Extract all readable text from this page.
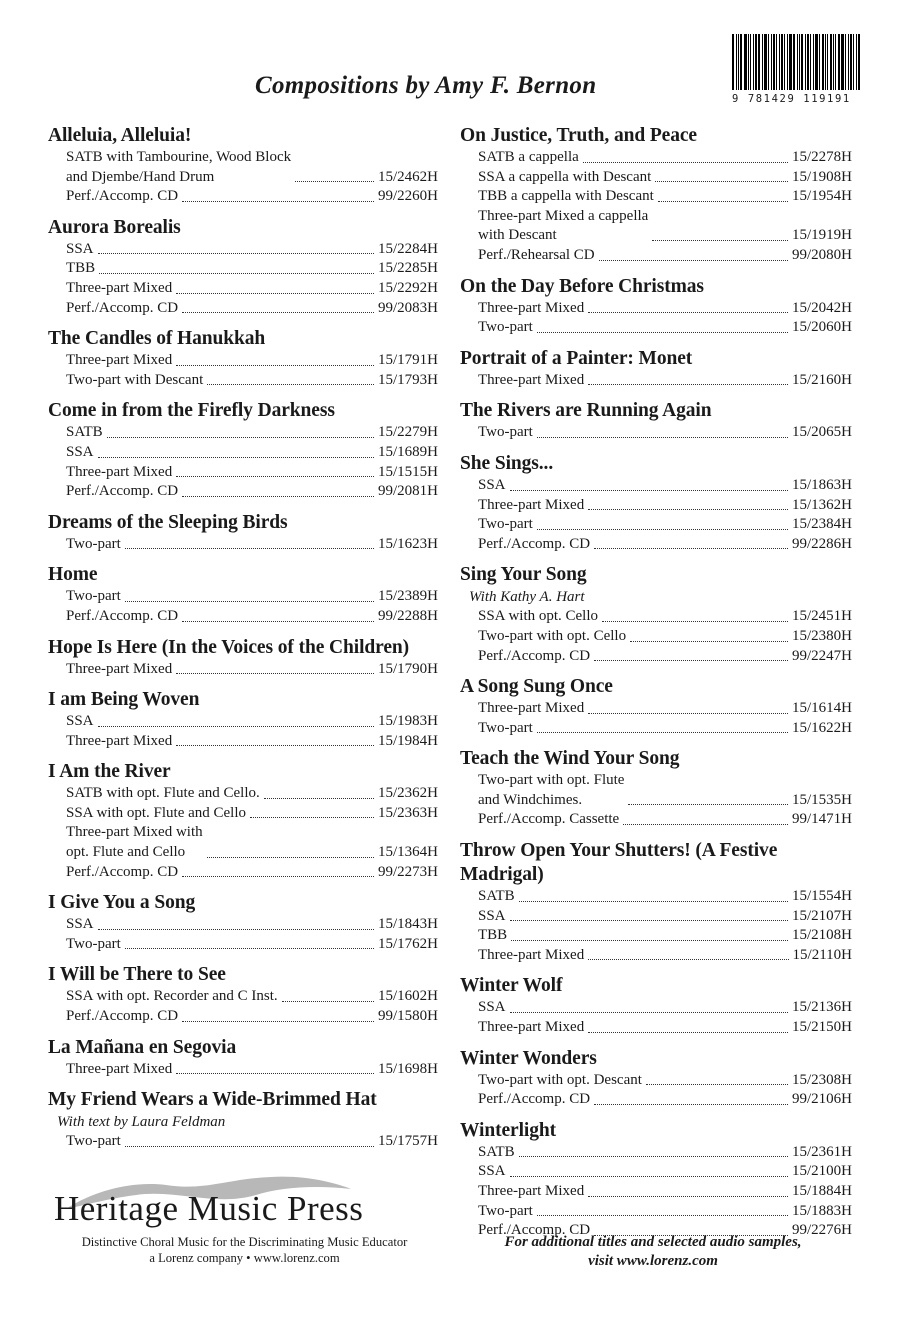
Compositions by Amy F. Bernon	9 781429 119191
Alleluia, Alleluia!
SATB with Tambourine, Wood Block
and Djembe/Hand Drum	15/2462H
Perf./Accomp. CD	99/2260H
Aurora Borealis
SSA	15/2284H
TBB	15/2285H
Three-part Mixed	15/2292H
Perf./Accomp. CD	99/2083H
The Candles of Hanukkah
Three-part Mixed	15/1791H
Two-part with Descant	15/1793H
Come in from the Firefly Darkness
SATB	15/2279H
SSA	15/1689H
Three-part Mixed	15/1515H
Perf./Accomp. CD	99/2081H
Dreams of the Sleeping Birds
Two-part	15/1623H
Home
Two-part	15/2389H
Perf./Accomp. CD	99/2288H
Hope Is Here (In the Voices of the Children)
Three-part Mixed	15/1790H
I am Being Woven
SSA	15/1983H
Three-part Mixed	15/1984H
I Am the River
SATB with opt. Flute and Cello.	15/2362H
SSA with opt. Flute and Cello	15/2363H
Three-part Mixed with
opt. Flute and Cello	15/1364H
Perf./Accomp. CD	99/2273H
I Give You a Song
SSA	15/1843H
Two-part	15/1762H
I Will be There to See
SSA with opt. Recorder and C Inst.	15/1602H
Perf./Accomp. CD	99/1580H
La Mañana en Segovia
Three-part Mixed	15/1698H
My Friend Wears a Wide-Brimmed Hat
With text by Laura Feldman
Two-part	15/1757H
On Justice, Truth, and Peace
SATB a cappella	15/2278H
SSA a cappella with Descant	15/1908H
TBB a cappella with Descant	15/1954H
Three-part Mixed a cappella
with Descant	15/1919H
Perf./Rehearsal CD	99/2080H
On the Day Before Christmas
Three-part Mixed	15/2042H
Two-part	15/2060H
Portrait of a Painter: Monet
Three-part Mixed	15/2160H
The Rivers are Running Again
Two-part	15/2065H
She Sings...
SSA	15/1863H
Three-part Mixed	15/1362H
Two-part	15/2384H
Perf./Accomp. CD	99/2286H
Sing Your Song
With Kathy A. Hart
SSA with opt. Cello	15/2451H
Two-part with opt. Cello	15/2380H
Perf./Accomp. CD	99/2247H
A Song Sung Once
Three-part Mixed	15/1614H
Two-part	15/1622H
Teach the Wind Your Song
Two-part with opt. Flute
and Windchimes.	15/1535H
Perf./Accomp. Cassette	99/1471H
Throw Open Your Shutters! (A Festive Madrigal)
SATB	15/1554H
SSA	15/2107H
TBB	15/2108H
Three-part Mixed	15/2110H
Winter Wolf
SSA	15/2136H
Three-part Mixed	15/2150H
Winter Wonders
Two-part with opt. Descant	15/2308H
Perf./Accomp. CD	99/2106H
Winterlight
SATB	15/2361H
SSA	15/2100H
Three-part Mixed	15/1884H
Two-part	15/1883H
Perf./Accomp. CD	99/2276H
Heritage Music Press
Distinctive Choral Music for the Discriminating Music Educator
a Lorenz company • www.lorenz.com
For additional titles and selected audio samples, visit www.lorenz.com
